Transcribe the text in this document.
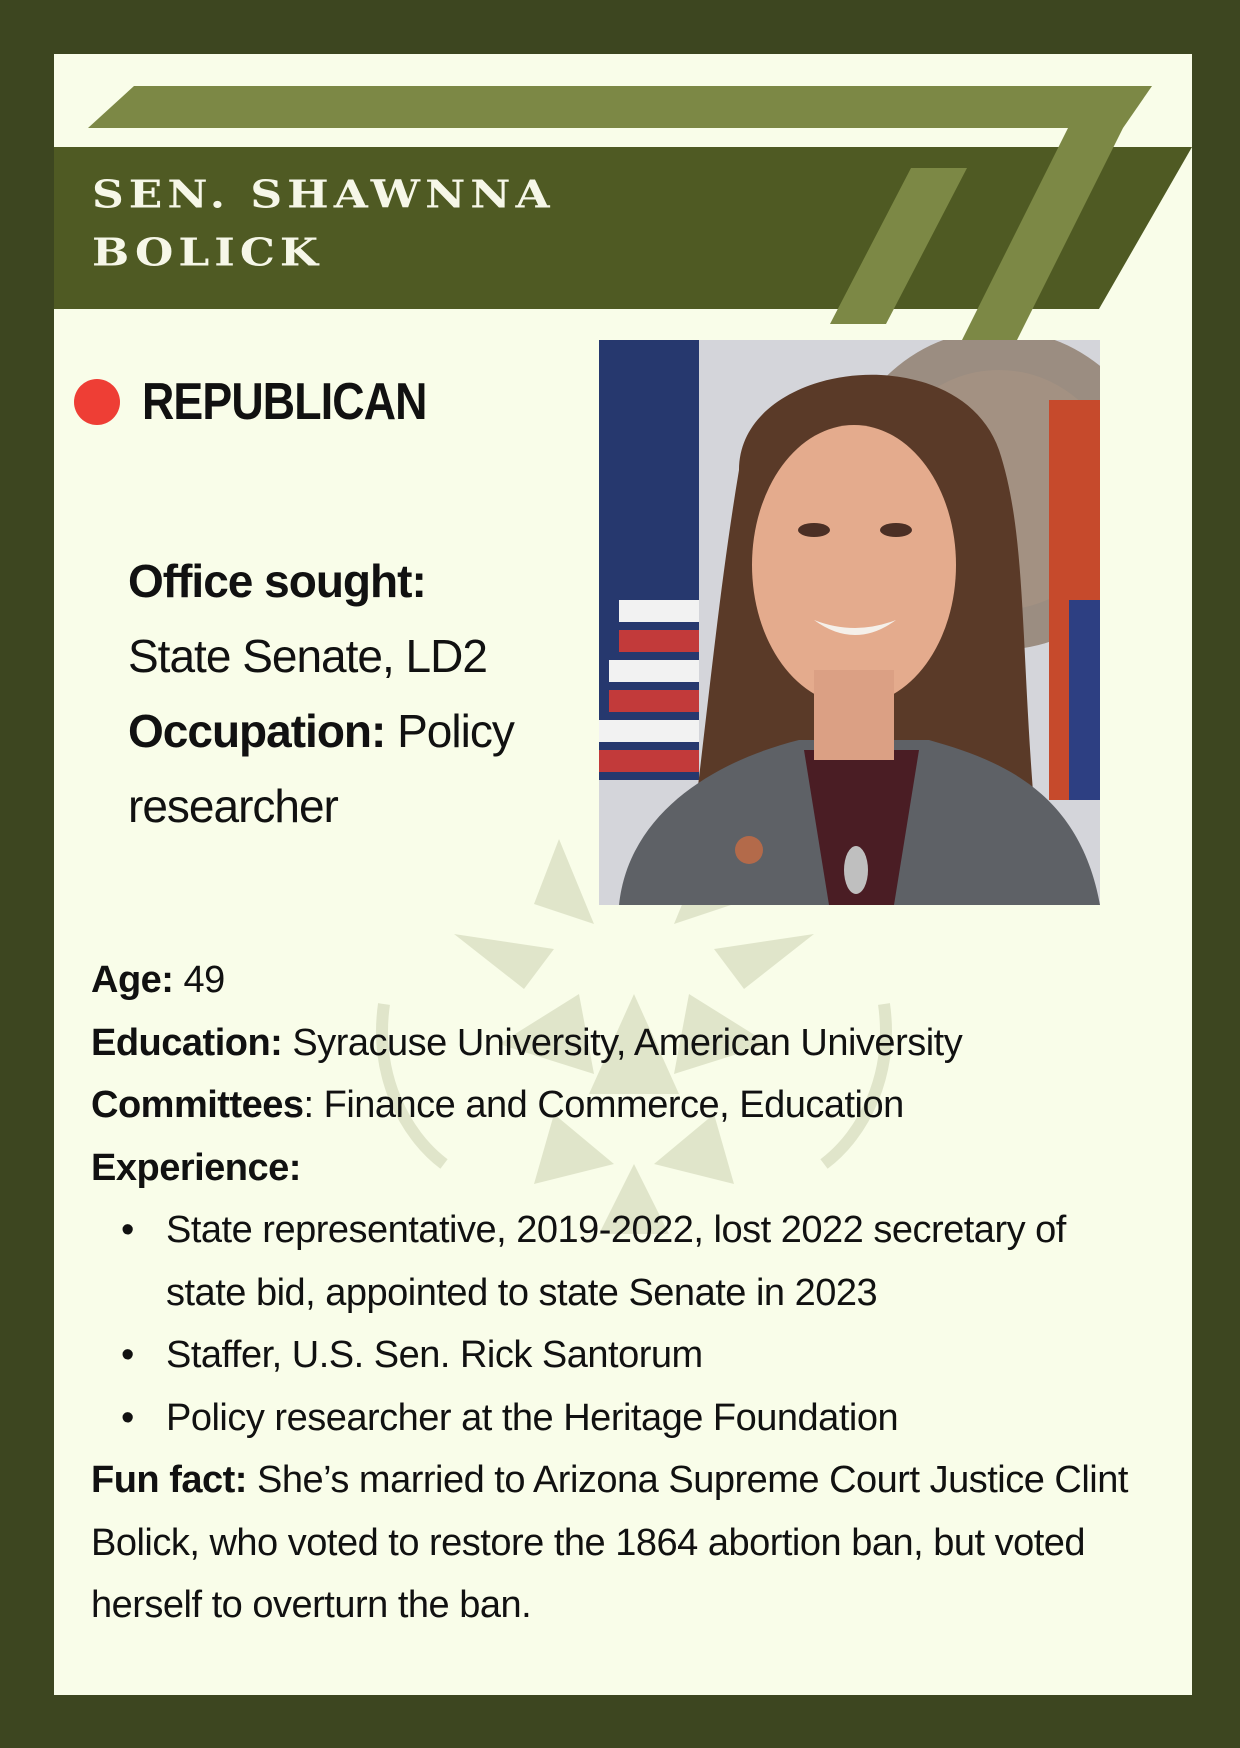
SEN. SHAWNNA
BOLICK
REPUBLICAN
Office sought:
State Senate, LD2
Occupation: Policy researcher
Age: 49
Education: Syracuse University, American University
Committees: Finance and Commerce, Education
Experience:
• State representative, 2019-2022, lost 2022 secretary of state bid, appointed to state Senate in 2023
• Staffer, U.S. Sen. Rick Santorum
• Policy researcher at the Heritage Foundation
Fun fact: She’s married to Arizona Supreme Court Justice Clint Bolick, who voted to restore the 1864 abortion ban, but voted herself to overturn the ban.
